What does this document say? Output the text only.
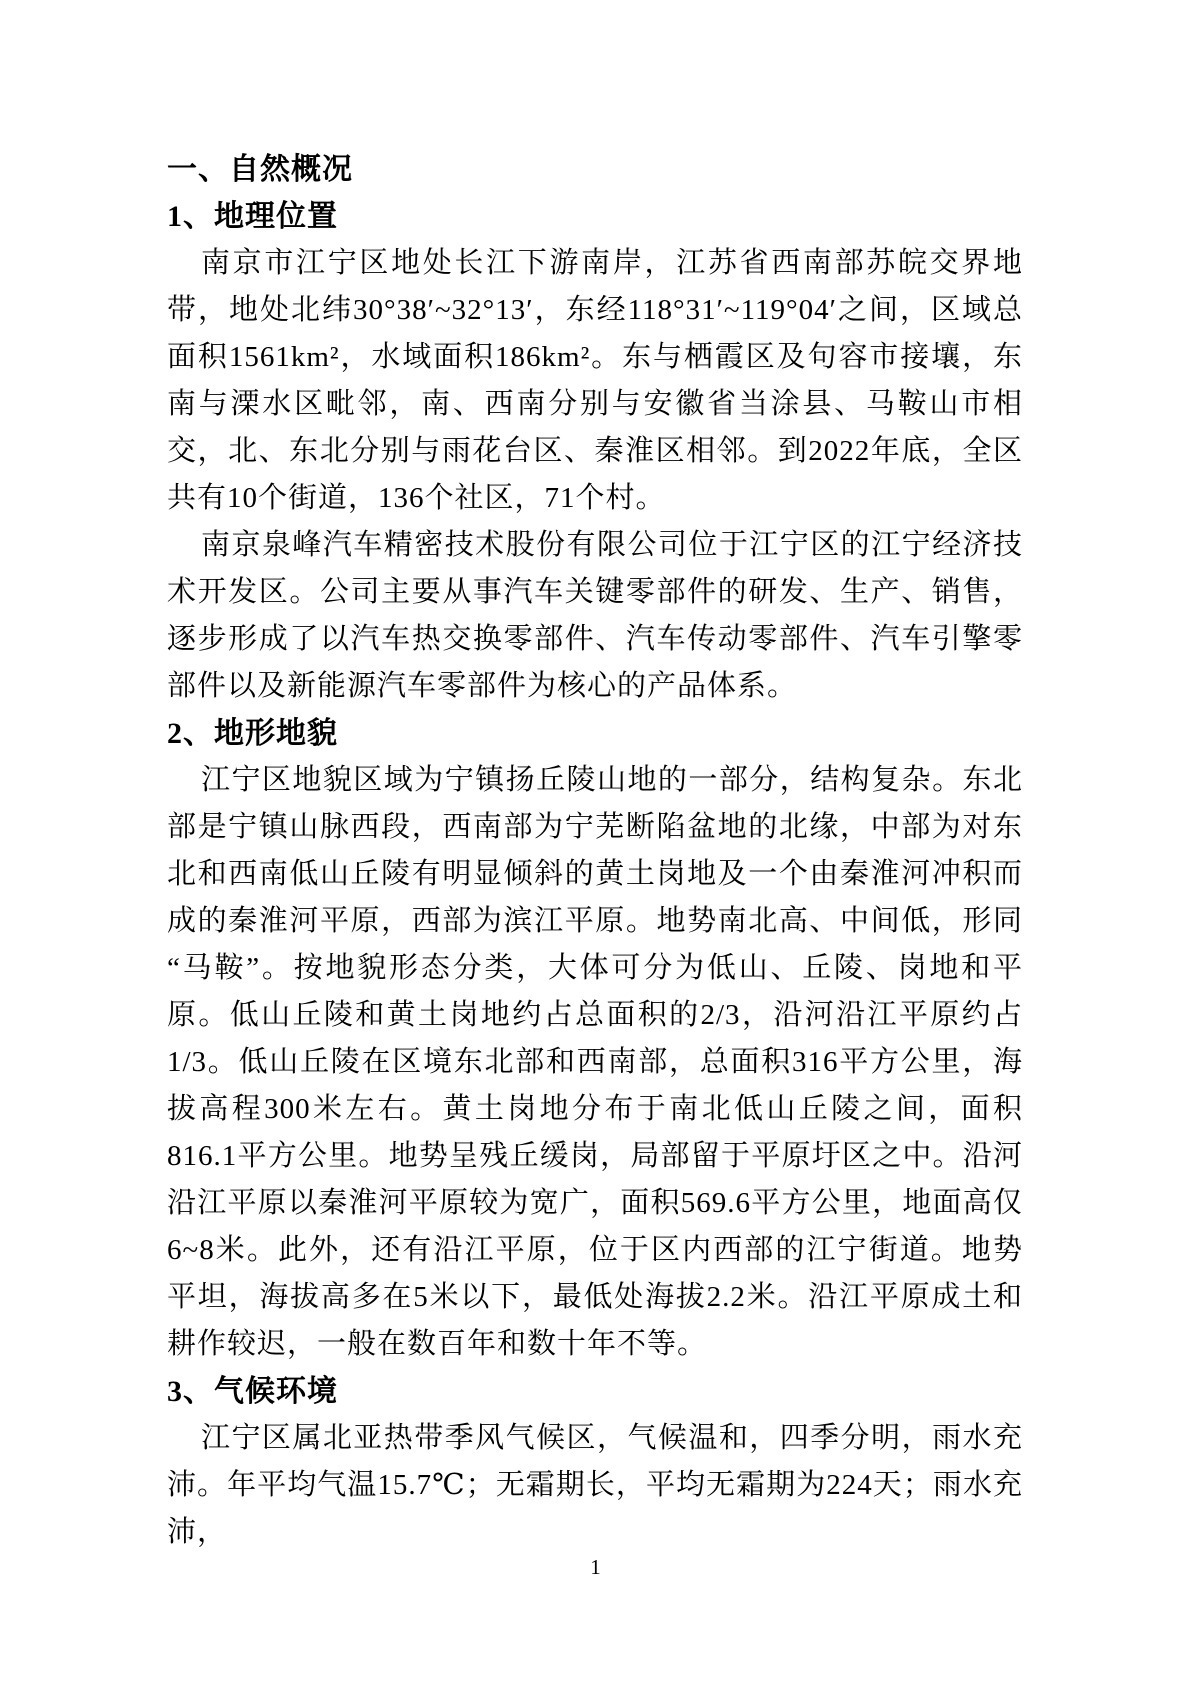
一、自然概况
1、地理位置

南京市江宁区地处长江下游南岸，江苏省西南部苏皖交界地带，地处北纬30°38′~32°13′，东经118°31′~119°04′之间，区域总面积1561km²，水域面积186km²。东与栖霞区及句容市接壤，东南与溧水区毗邻，南、西南分别与安徽省当涂县、马鞍山市相交，北、东北分别与雨花台区、秦淮区相邻。到2022年底，全区共有10个街道，136个社区，71个村。

南京泉峰汽车精密技术股份有限公司位于江宁区的江宁经济技术开发区。公司主要从事汽车关键零部件的研发、生产、销售，逐步形成了以汽车热交换零部件、汽车传动零部件、汽车引擎零部件以及新能源汽车零部件为核心的产品体系。

2、地形地貌

江宁区地貌区域为宁镇扬丘陵山地的一部分，结构复杂。东北部是宁镇山脉西段，西南部为宁芜断陷盆地的北缘，中部为对东北和西南低山丘陵有明显倾斜的黄土岗地及一个由秦淮河冲积而成的秦淮河平原，西部为滨江平原。地势南北高、中间低，形同“马鞍”。按地貌形态分类，大体可分为低山、丘陵、岗地和平原。低山丘陵和黄土岗地约占总面积的2/3，沿河沿江平原约占1/3。低山丘陵在区境东北部和西南部，总面积316平方公里，海拔高程300米左右。黄土岗地分布于南北低山丘陵之间，面积816.1平方公里。地势呈残丘缓岗，局部留于平原圩区之中。沿河沿江平原以秦淮河平原较为宽广，面积569.6平方公里，地面高仅6~8米。此外，还有沿江平原，位于区内西部的江宁街道。地势平坦，海拔高多在5米以下，最低处海拔2.2米。沿江平原成土和耕作较迟，一般在数百年和数十年不等。

3、气候环境

江宁区属北亚热带季风气候区，气候温和，四季分明，雨水充沛。年平均气温15.7℃；无霜期长，平均无霜期为224天；雨水充沛，

1
